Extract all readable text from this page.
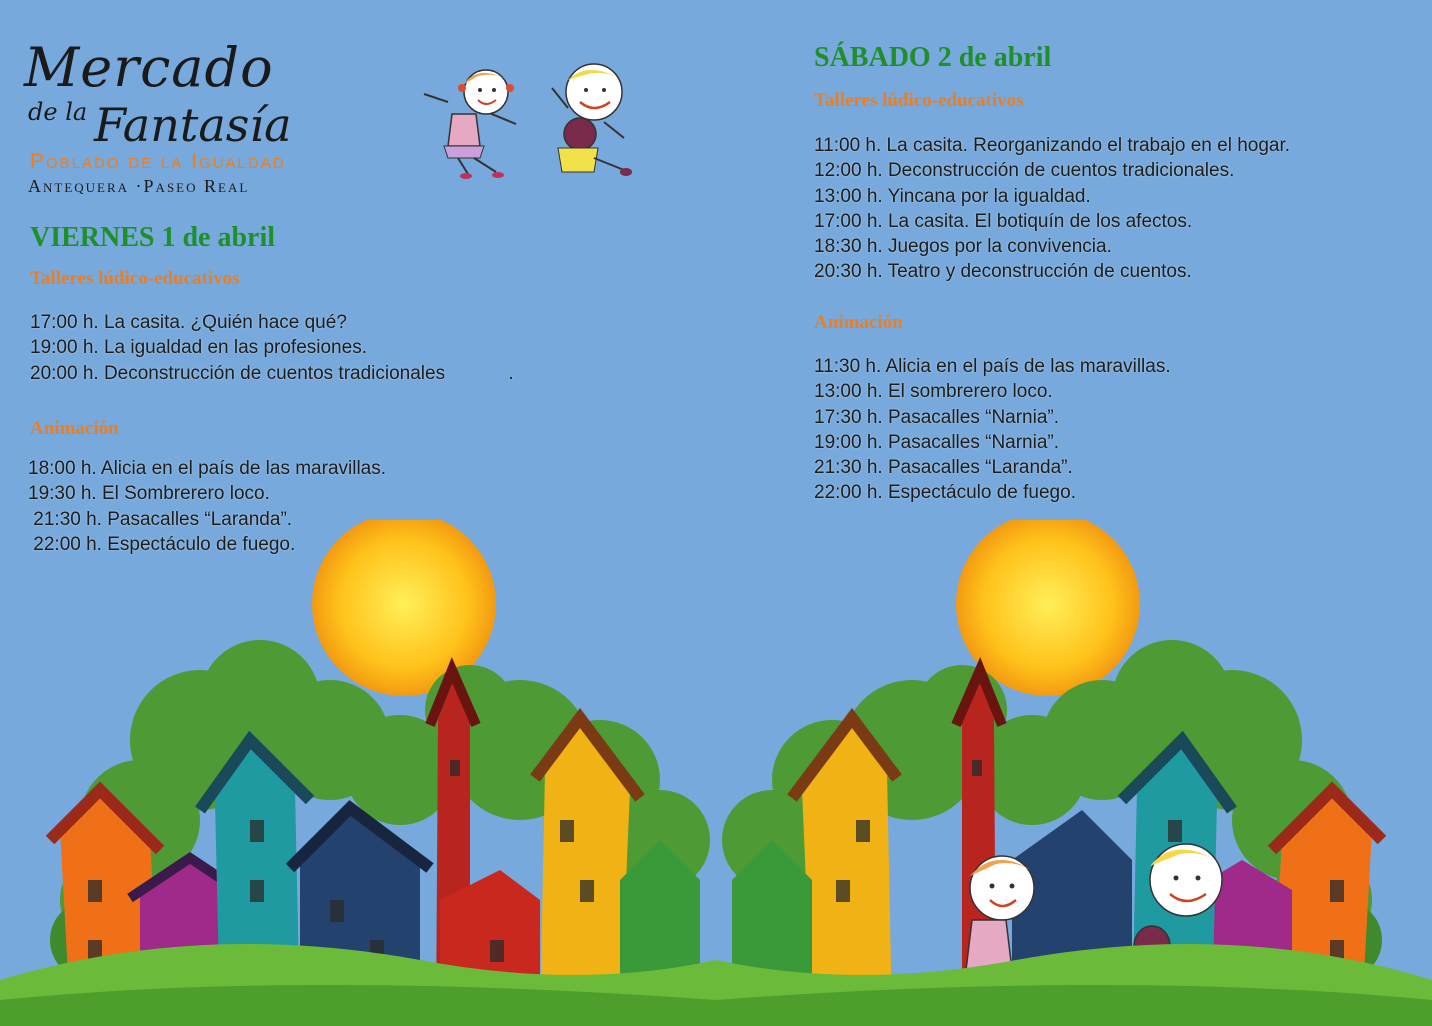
Mercado
de la Fantasía
Poblado de la Igualdad
Antequera ·Paseo Real
VIERNES 1 de abril
Talleres lúdico-educativos
17:00 h. La casita. ¿Quién hace qué?
19:00 h. La igualdad en las profesiones.
20:00 h. Deconstrucción de cuentos tradicionales            .
Animación
18:00 h. Alicia en el país de las maravillas.
19:30 h. El Sombrerero loco.
21:30 h. Pasacalles “Laranda”.
22:00 h. Espectáculo de fuego.
SÁBADO 2 de abril
Talleres lúdico-educativos
11:00 h. La casita. Reorganizando el trabajo en el hogar.
12:00 h. Deconstrucción de cuentos tradicionales.
13:00 h. Yincana por la igualdad.
17:00 h. La casita. El botiquín de los afectos.
18:30 h. Juegos por la convivencia.
20:30 h. Teatro y deconstrucción de cuentos.
Animación
11:30 h. Alicia en el país de las maravillas.
13:00 h. El sombrerero loco.
17:30 h. Pasacalles “Narnia”.
19:00 h. Pasacalles “Narnia”.
21:30 h. Pasacalles “Laranda”.
22:00 h. Espectáculo de fuego.
